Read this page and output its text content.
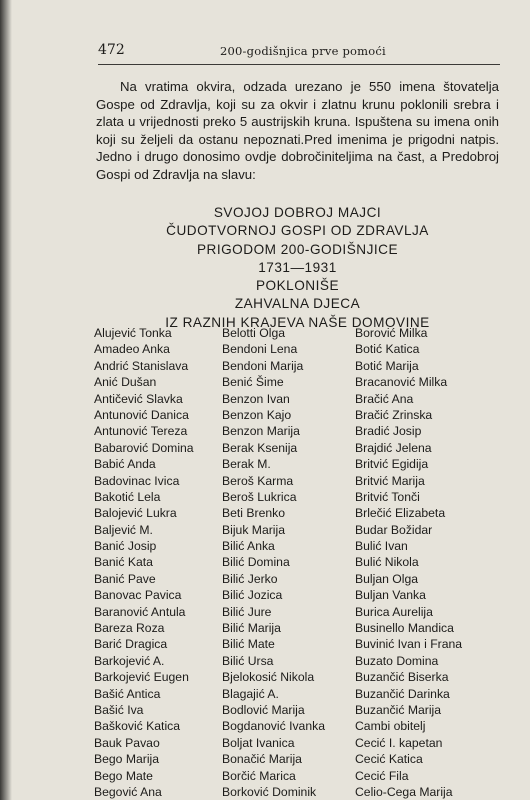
472	200-godišnjica prve pomoći

Na vratima okvira, odzada urezano je 550 imena štovatelja Gospe od Zdravlja, koji su za okvir i zlatnu krunu poklonili srebra i zlata u vrijednosti preko 5 austrijskih kruna. Ispuštena su imena onih koji su željeli da ostanu nepoznati.Pred imenima je prigodni natpis. Jedno i drugo donosimo ovdje dobročiniteljima na čast, a Predobroj Gospi od Zdravlja na slavu:

SVOJOJ DOBROJ MAJCI
ČUDOTVORNOJ GOSPI OD ZDRAVLJA
PRIGODOM 200-GODIŠNJICE
1731—1931
POKLONIŠE
ZAHVALNA DJECA
IZ RAZNIH KRAJEVA NAŠE DOMOVINE
Alujević Tonka
Amadeo Anka
Andrić Stanislava
Anić Dušan
Antičević Slavka
Antunović Danica
Antunović Tereza
Babarović Domina
Babić Anda
Badovinac Ivica
Bakotić Lela
Balojević Lukra
Baljević M.
Banić Josip
Banić Kata
Banić Pave
Banovac Pavica
Baranović Antula
Bareza Roza
Barić Dragica
Barkojević A.
Barkojević Eugen
Bašić Antica
Bašić Iva
Bašković Katica
Bauk Pavao
Bego Marija
Bego Mate
Begović Ana
Belotti Olga
Bendoni Lena
Bendoni Marija
Benić Šime
Benzon Ivan
Benzon Kajo
Benzon Marija
Berak Ksenija
Berak M.
Beroš Karma
Beroš Lukrica
Beti Brenko
Bijuk Marija
Bilić Anka
Bilić Domina
Bilić Jerko
Bilić Jozica
Bilić Jure
Bilić Marija
Bilić Mate
Bilić Ursa
Bjelokosić Nikola
Blagajić A.
Bodlović Marija
Bogdanović Ivanka
Boljat Ivanica
Bonačić Marija
Borčić Marica
Borković Dominik
Borović Milka
Botić Katica
Botić Marija
Bracanović Milka
Bračić Ana
Bračić Zrinska
Bradić Josip
Brajdić Jelena
Britvić Egidija
Britvić Marija
Britvić Tonči
Brlečić Elizabeta
Budar Božidar
Bulić Ivan
Bulić Nikola
Buljan Olga
Buljan Vanka
Burica Aurelija
Businello Mandica
Buvinić Ivan i Frana
Buzato Domina
Buzančić Biserka
Buzančić Darinka
Buzančić Marija
Cambi obitelj
Cecić I. kapetan
Cecić Katica
Cecić Fila
Celio-Cega Marija
